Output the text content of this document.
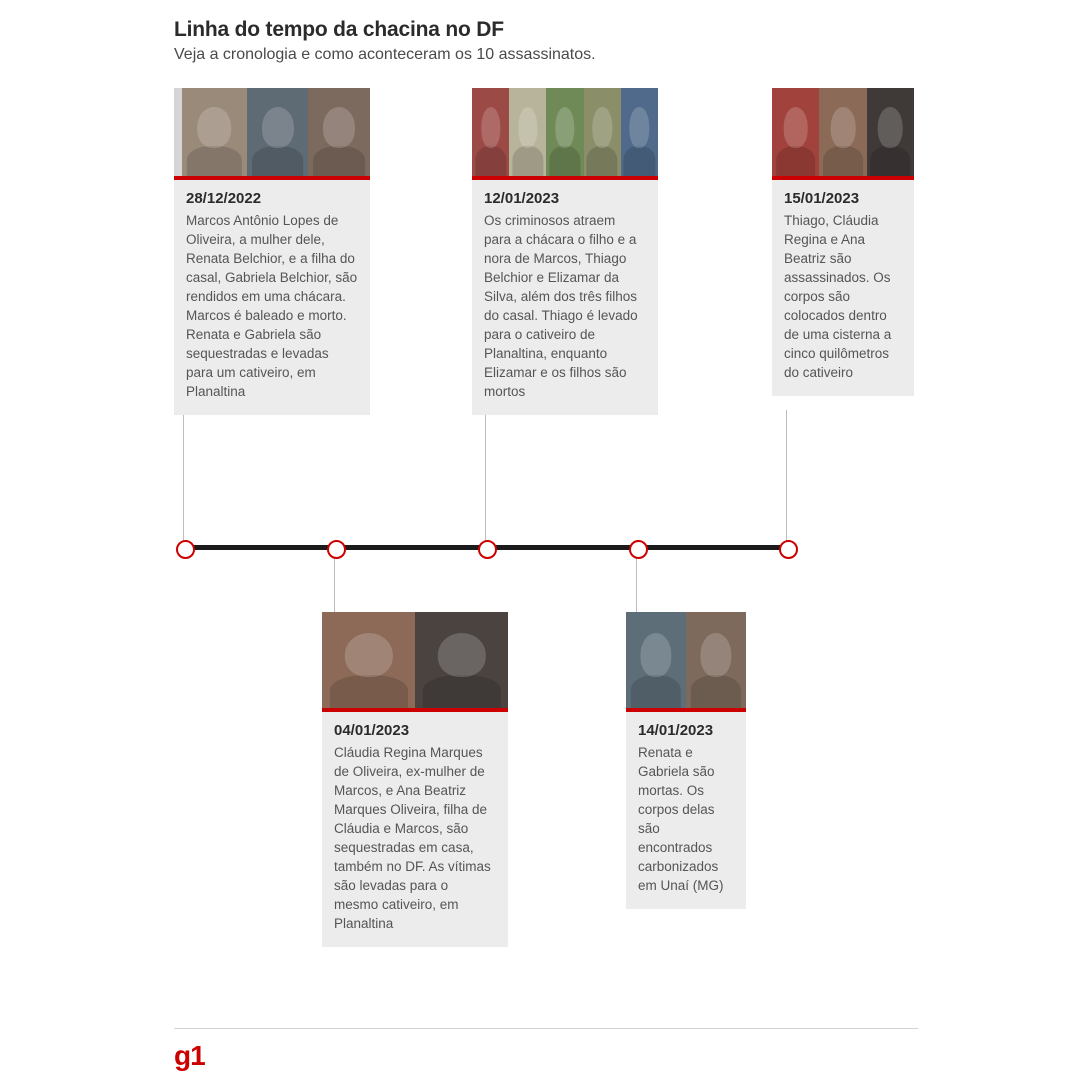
Linha do tempo da chacina no DF

Veja a cronologia e como aconteceram os 10 assassinatos.

28/12/2022

Marcos Antônio Lopes de Oliveira, a mulher dele, Renata Belchior, e a filha do casal, Gabriela Belchior, são rendidos em uma chácara. Marcos é baleado e morto. Renata e Gabriela são sequestradas e levadas para um cativeiro, em Planaltina

12/01/2023

Os criminosos atraem para a chácara o filho e a nora de Marcos, Thiago Belchior e Elizamar da Silva, além dos três filhos do casal. Thiago é levado para o cativeiro de Planaltina, enquanto Elizamar e os filhos são mortos

15/01/2023

Thiago, Cláudia Regina e Ana Beatriz são assassinados. Os corpos são colocados dentro de uma cisterna a cinco quilômetros do cativeiro

04/01/2023

Cláudia Regina Marques de Oliveira, ex-mulher de Marcos, e Ana Beatriz Marques Oliveira, filha de Cláudia e Marcos, são sequestradas em casa, também no DF. As vítimas são levadas para o mesmo cativeiro, em Planaltina

14/01/2023

Renata e Gabriela são mortas. Os corpos delas são encontrados carbonizados em Unaí (MG)

g1
